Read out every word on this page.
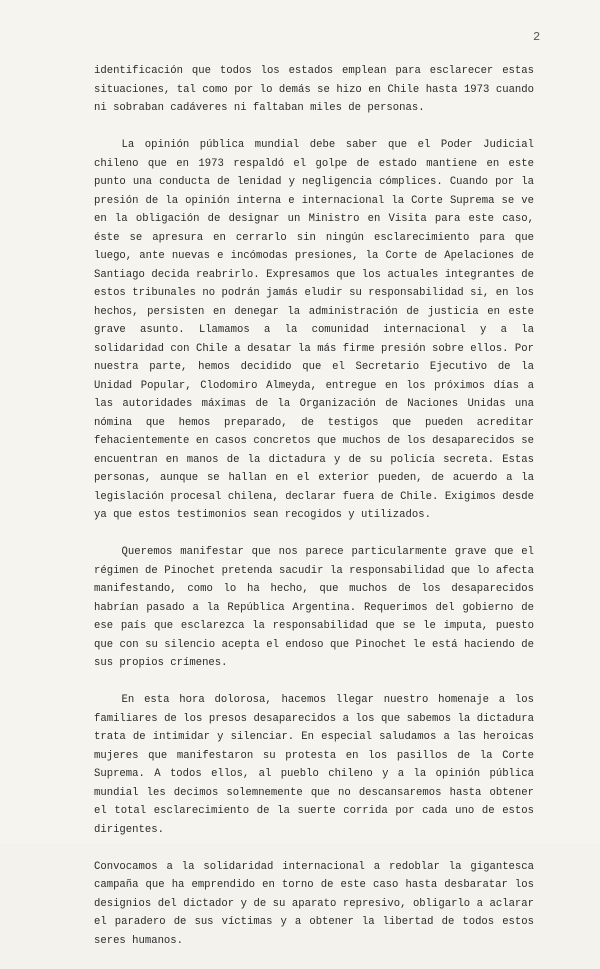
2

identificación que todos los estados emplean para esclarecer estas situaciones, tal como por lo demás se hizo en Chile hasta 1973 cuando ni sobraban cadáveres ni faltaban miles de personas.

La opinión pública mundial debe saber que el Poder Judicial chileno que en 1973 respaldó el golpe de estado mantiene en este punto una conducta de lenidad y negligencia cómplices. Cuando por la presión de la opinión interna e internacional la Corte Suprema se ve en la obligación de designar un Ministro en Visita para este caso, éste se apresura en cerrarlo sin ningún esclarecimiento para que luego, ante nuevas e incómodas presiones, la Corte de Apelaciones de Santiago decida reabrirlo. Expresamos que los actuales integrantes de estos tribunales no podrán jamás eludir su responsabilidad si, en los hechos, persisten en denegar la administración de justicia en este grave asunto. Llamamos a la comunidad internacional y a la solidaridad con Chile a desatar la más firme presión sobre ellos. Por nuestra parte, hemos decidido que el Secretario Ejecutivo de la Unidad Popular, Clodomiro Almeyda, entregue en los próximos días a las autoridades máximas de la Organización de Naciones Unidas una nómina que hemos preparado, de testigos que pueden acreditar fehacientemente en casos concretos que muchos de los desaparecidos se encuentran en manos de la dictadura y de su policía secreta. Estas personas, aunque se hallan en el exterior pueden, de acuerdo a la legislación procesal chilena, declarar fuera de Chile. Exigimos desde ya que estos testimonios sean recogidos y utilizados.

Queremos manifestar que nos parece particularmente grave que el régimen de Pinochet pretenda sacudir la responsabilidad que lo afecta manifestando, como lo ha hecho, que muchos de los desaparecidos habrían pasado a la República Argentina. Requerimos del gobierno de ese país que esclarezca la responsabilidad que se le imputa, puesto que con su silencio acepta el endoso que Pinochet le está haciendo de sus propios crímenes.

En esta hora dolorosa, hacemos llegar nuestro homenaje a los familiares de los presos desaparecidos a los que sabemos la dictadura trata de intimidar y silenciar. En especial saludamos a las heroicas mujeres que manifestaron su protesta en los pasillos de la Corte Suprema. A todos ellos, al pueblo chileno y a la opinión pública mundial les decimos solemnemente que no descansaremos hasta obtener el total esclarecimiento de la suerte corrida por cada uno de estos dirigentes.

Convocamos a la solidaridad internacional a redoblar la gigantesca campaña que ha emprendido en torno de este caso hasta desbaratar los designios del dictador y de su aparato represivo, obligarlo a aclarar el paradero de sus víctimas y a obtener la libertad de todos estos seres humanos.
